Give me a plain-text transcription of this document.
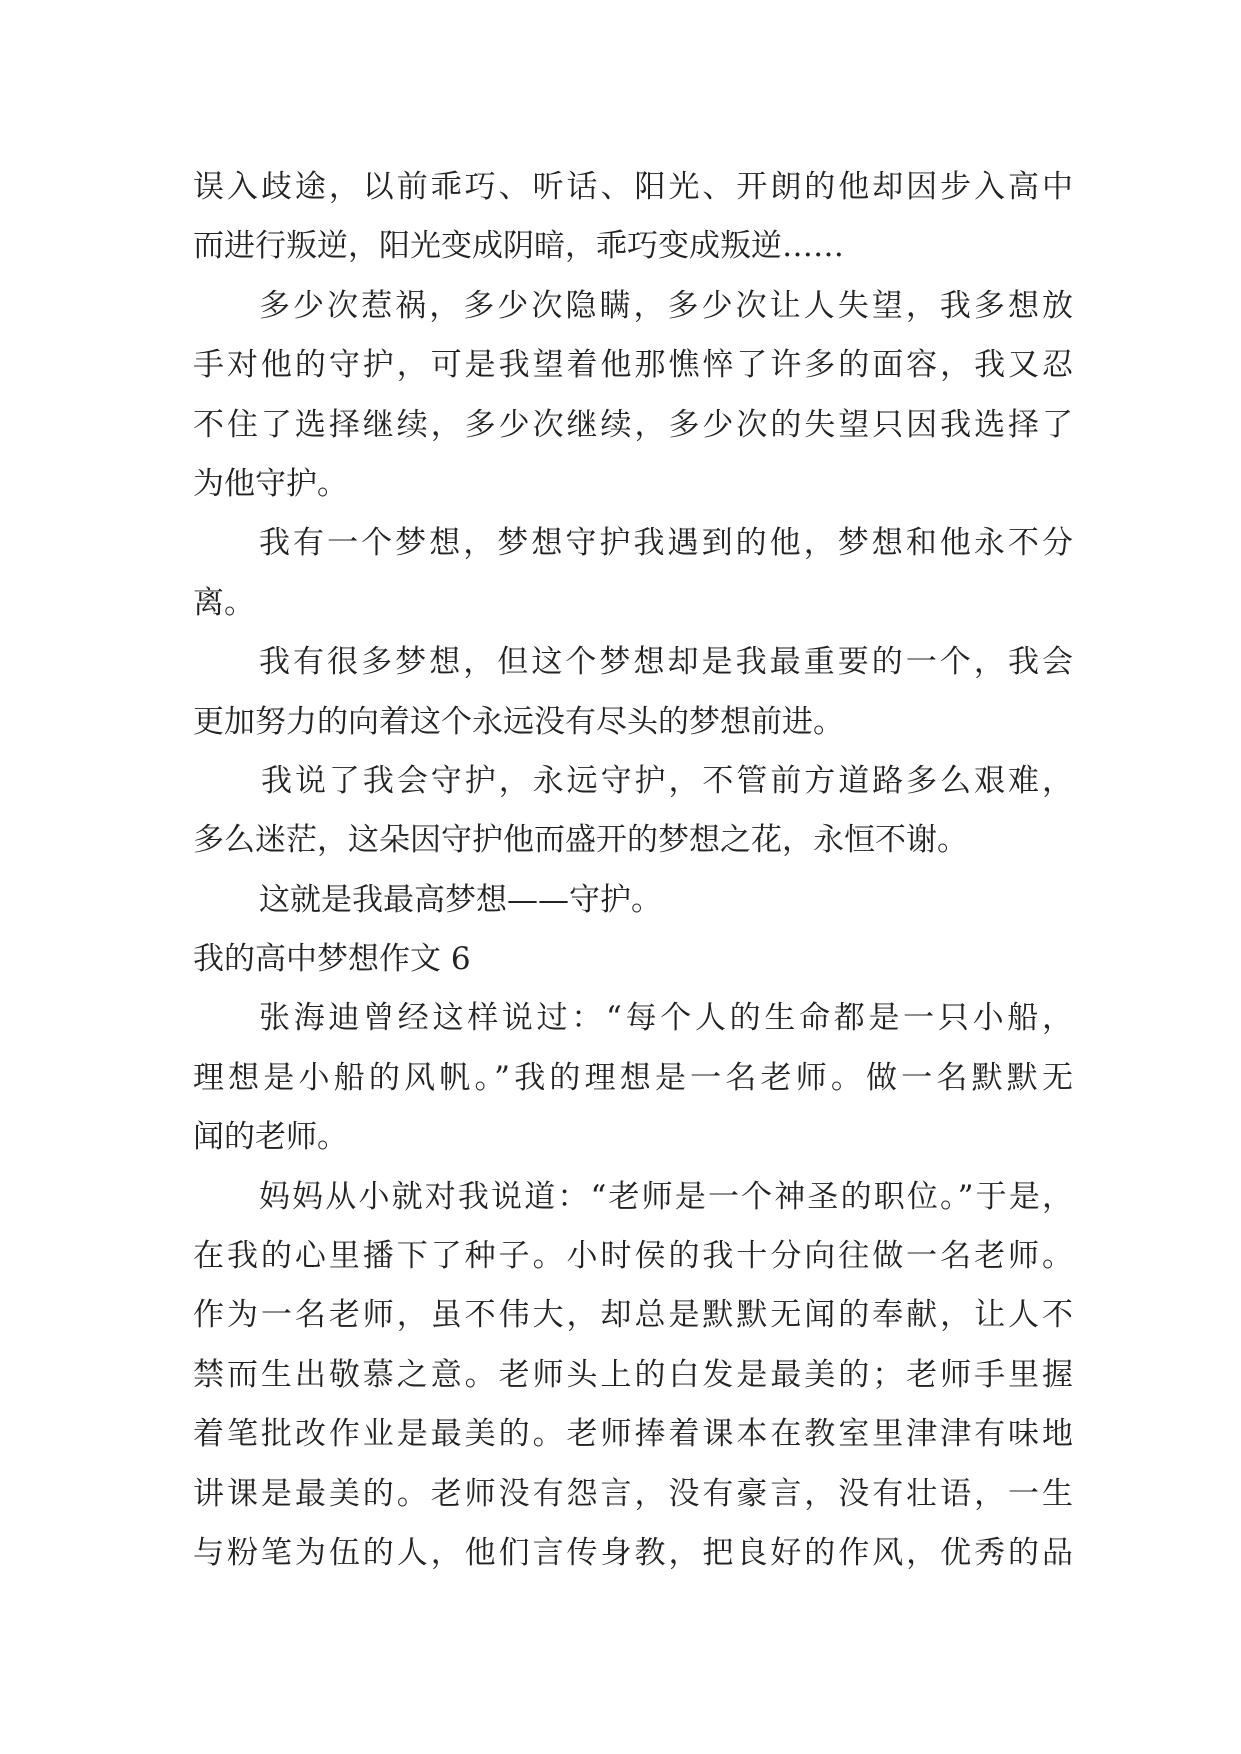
误入歧途，以前乖巧、听话、阳光、开朗的他却因步入高中
而进行叛逆，阳光变成阴暗，乖巧变成叛逆……
多少次惹祸，多少次隐瞒，多少次让人失望，我多想放
手对他的守护，可是我望着他那憔悴了许多的面容，我又忍
不住了选择继续，多少次继续，多少次的失望只因我选择了
为他守护。
我有一个梦想，梦想守护我遇到的他，梦想和他永不分
离。
我有很多梦想，但这个梦想却是我最重要的一个，我会
更加努力的向着这个永远没有尽头的梦想前进。
我说了我会守护，永远守护，不管前方道路多么艰难，
多么迷茫，这朵因守护他而盛开的梦想之花，永恒不谢。
这就是我最高梦想——守护。
我的高中梦想作文 6
张海迪曾经这样说过：“每个人的生命都是一只小船，
理想是小船的风帆。”我的理想是一名老师。做一名默默无
闻的老师。
妈妈从小就对我说道：“老师是一个神圣的职位。”于是，
在我的心里播下了种子。小时侯的我十分向往做一名老师。
作为一名老师，虽不伟大，却总是默默无闻的奉献，让人不
禁而生出敬慕之意。老师头上的白发是最美的；老师手里握
着笔批改作业是最美的。老师捧着课本在教室里津津有味地
讲课是最美的。老师没有怨言，没有豪言，没有壮语，一生
与粉笔为伍的人，他们言传身教，把良好的作风，优秀的品
